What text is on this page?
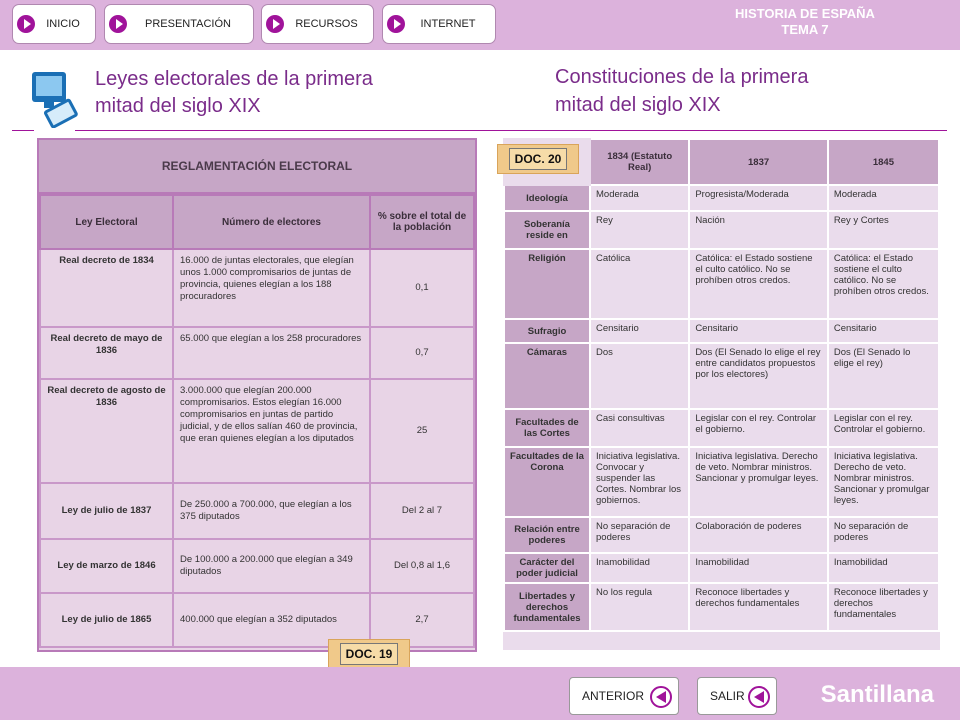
INICIO	PRESENTACIÓN	RECURSOS	INTERNET
HISTORIA DE ESPAÑA
TEMA 7
Leyes electorales de la primera
mitad del siglo XIX
Constituciones de la primera
mitad del siglo XIX
REGLAMENTACIÓN ELECTORAL
Ley Electoral	Número de electores	% sobre el total de la población
Real decreto de 1834	16.000 de juntas electorales, que elegían unos 1.000 compromisarios de juntas de provincia, quienes elegían a los 188 procuradores	0,1
Real decreto de mayo de 1836	65.000 que elegían a los 258 procuradores	0,7
Real decreto de agosto de 1836	3.000.000 que elegían 200.000 compromisarios. Estos elegían 16.000 compromisarios en juntas de partido judicial, y de ellos salían 460 de provincia, que eran quienes elegían a los diputados	25
Ley de julio de 1837	De 250.000 a 700.000, que elegían a los 375 diputados	Del 2 al 7
Ley de marzo de 1846	De 100.000 a 200.000 que elegían a 349 diputados	Del 0,8 al 1,6
Ley de julio de 1865	400.000 que elegían a 352 diputados	2,7
	1834 (Estatuto Real)	1837	1845
Ideología	Moderada	Progresista/Moderada	Moderada
Soberanía reside en	Rey	Nación	Rey y Cortes
Religión	Católica	Católica: el Estado sostiene el culto católico. No se prohíben otros credos.	Católica: el Estado sostiene el culto católico. No se prohíben otros credos.
Sufragio	Censitario	Censitario	Censitario
Cámaras	Dos	Dos (El Senado lo elige el rey entre candidatos propuestos por los electores)	Dos (El Senado lo elige el rey)
Facultades de las Cortes	Casi consultivas	Legislar con el rey. Controlar el gobierno.	Legislar con el rey. Controlar el gobierno.
Facultades de la Corona	Iniciativa legislativa. Convocar y suspender las Cortes. Nombrar los gobiernos.	Iniciativa legislativa. Derecho de veto. Nombrar ministros. Sancionar y promulgar leyes.	Iniciativa legislativa. Derecho de veto. Nombrar ministros. Sancionar y promulgar leyes.
Relación entre poderes	No separación de poderes	Colaboración de poderes	No separación de poderes
Carácter del poder judicial	Inamobilidad	Inamobilidad	Inamobilidad
Libertades y derechos fundamentales	No los regula	Reconoce libertades y derechos fundamentales	Reconoce libertades y derechos fundamentales
DOC. 20
DOC. 19
ANTERIOR	SALIR	Santillana
